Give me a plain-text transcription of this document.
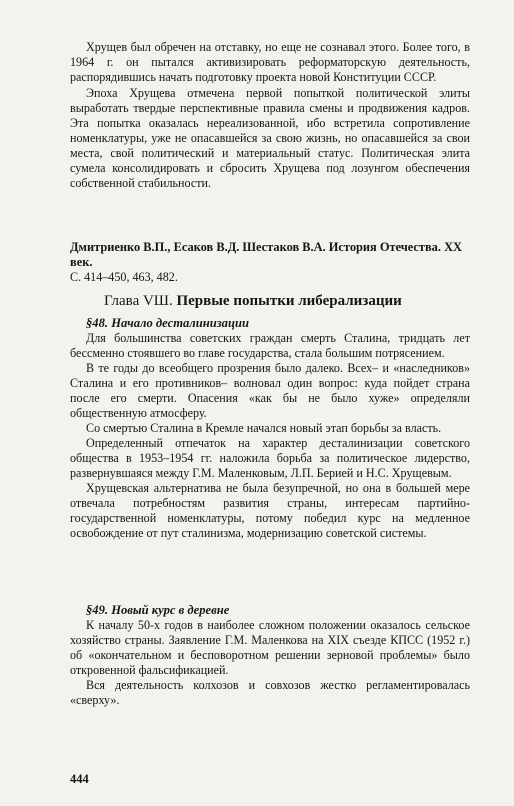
Хрущев был обречен на отставку, но еще не сознавал этого. Более того, в 1964 г. он пытался активизировать реформаторскую деятельность, распорядившись начать подготовку проекта новой Конституции СССР.

Эпоха Хрущева отмечена первой попыткой политической элиты выработать твердые перспективные правила смены и продвижения кадров. Эта попытка оказалась нереализованной, ибо встретила сопротивление номенклатуры, уже не опасавшейся за свою жизнь, но опасавшейся за свои места, свой политический и материальный статус. Политическая элита сумела консолидировать и сбросить Хрущева под лозунгом обеспечения собственной стабильности.

Дмитриенко В.П., Есаков В.Д. Шестаков В.А. История Отечества. XX век.

С. 414–450, 463, 482.

Глава VШ. Первые попытки либерализации

§48. Начало десталинизации

Для большинства советских граждан смерть Сталина, тридцать лет бессменно стоявшего во главе государства, стала большим потрясением.

В те годы до всеобщего прозрения было далеко. Всех– и «наследников» Сталина и его противников– волновал один вопрос: куда пойдет страна после его смерти. Опасения «как бы не было хуже» определяли общественную атмосферу.

Со смертью Сталина в Кремле начался новый этап борьбы за власть.

Определенный отпечаток на характер десталинизации советского общества в 1953–1954 гг. наложила борьба за политическое лидерство, развернувшаяся между Г.М. Маленковым, Л.П. Берией и Н.С. Хрущевым.

Хрущевская альтернатива не была безупречной, но она в большей мере отвечала потребностям развития страны, интересам партийно-государственной номенклатуры, потому победил курс на медленное освобождение от пут сталинизма, модернизацию советской системы.

§49. Новый курс в деревне

К началу 50-х годов в наиболее сложном положении оказалось сельское хозяйство страны. Заявление Г.М. Маленкова на XIX съезде КПСС (1952 г.) об «окончательном и бесповоротном решении зерновой проблемы» было откровенной фальсификацией.

Вся деятельность колхозов и совхозов жестко регламентировалась «сверху».

444
